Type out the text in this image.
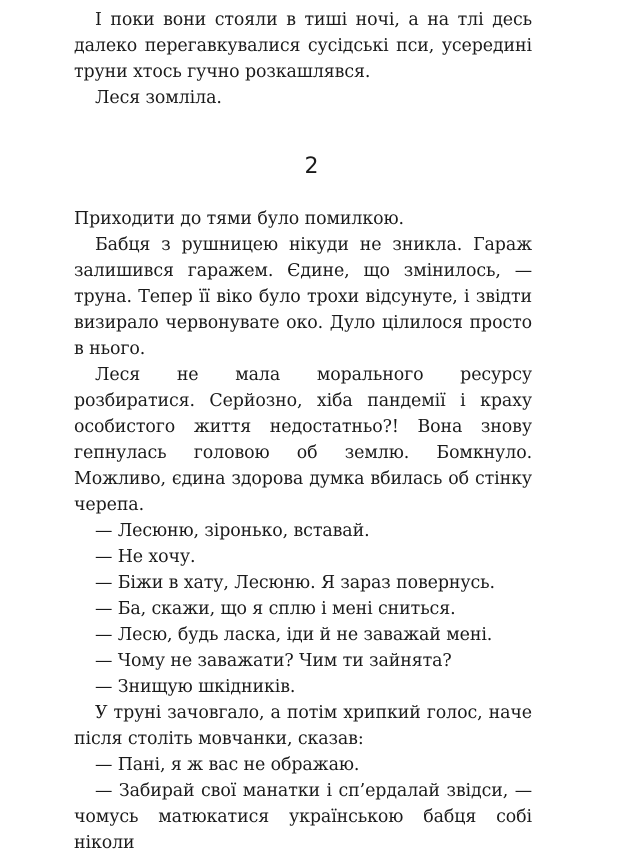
І поки вони стояли в тиші ночі, а на тлі десь далеко перегавкувалися сусідські пси, усередині труни хтось гучно розкашлявся.

Леся зомліла.

2

Приходити до тями було помилкою.

Бабця з рушницею нікуди не зникла. Гараж залишився гаражем. Єдине, що змінилось, — труна. Тепер її віко було трохи відсунуте, і звідти визирало червонувате око. Дуло цілилося просто в нього.

Леся не мала морального ресурсу розбиратися. Серйозно, хіба пандемії і краху особистого життя недостатньо?! Вона знову гепнулась головою об землю. Бомкнуло. Можливо, єдина здорова думка вбилась об стінку черепа.

— Лесюню, зіронько, вставай.

— Не хочу.

— Біжи в хату, Лесюню. Я зараз повернусь.

— Ба, скажи, що я сплю і мені сниться.

— Лесю, будь ласка, іди й не заважай мені.

— Чому не заважати? Чим ти зайнята?

— Знищую шкідників.

У труні зачовгало, а потім хрипкий голос, наче після століть мовчанки, сказав:

— Пані, я ж вас не ображаю.

— Забирай свої манатки і сп’ердалай звідси, — чомусь матюкатися українською бабця собі ніколи
